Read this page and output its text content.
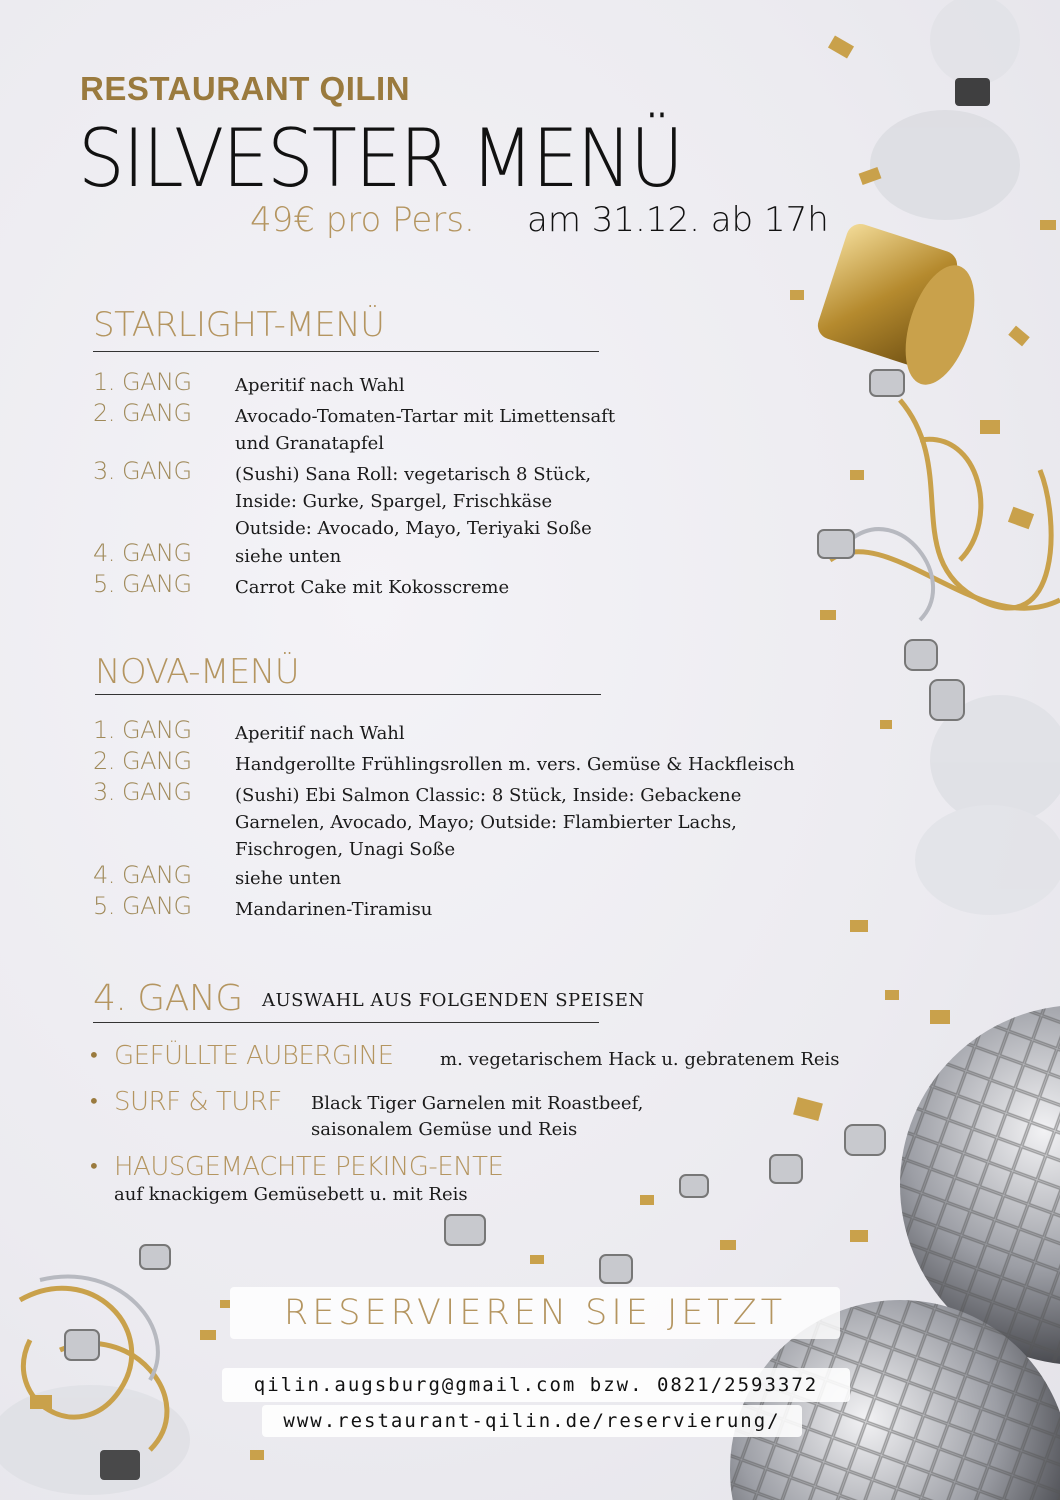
RESTAURANT QILIN
SILVESTER MENÜ
49€ pro Pers. am 31.12. ab 17h
STARLIGHT-MENÜ
1. GANG Aperitif nach Wahl
2. GANG Avocado-Tomaten-Tartar mit Limettensaft
und Granatapfel
3. GANG (Sushi) Sana Roll: vegetarisch 8 Stück,
Inside: Gurke, Spargel, Frischkäse
Outside: Avocado, Mayo, Teriyaki Soße
4. GANG siehe unten
5. GANG Carrot Cake mit Kokosscreme
NOVA-MENÜ
1. GANG Aperitif nach Wahl
2. GANG Handgerollte Frühlingsrollen m. vers. Gemüse & Hackfleisch
3. GANG (Sushi) Ebi Salmon Classic: 8 Stück, Inside: Gebackene
Garnelen, Avocado, Mayo; Outside: Flambierter Lachs,
Fischrogen, Unagi Soße
4. GANG siehe unten
5. GANG Mandarinen-Tiramisu
4. GANG AUSWAHL AUS FOLGENDEN SPEISEN
• GEFÜLLTE AUBERGINE	m. vegetarischem Hack u. gebratenem Reis
• SURF & TURF Black Tiger Garnelen mit Roastbeef,
saisonalem Gemüse und Reis
• HAUSGEMACHTE PEKING-ENTE
auf knackigem Gemüsebett u. mit Reis
RESERVIEREN SIE JETZT
qilin.augsburg@gmail.com bzw. 0821/2593372
www.restaurant-qilin.de/reservierung/
